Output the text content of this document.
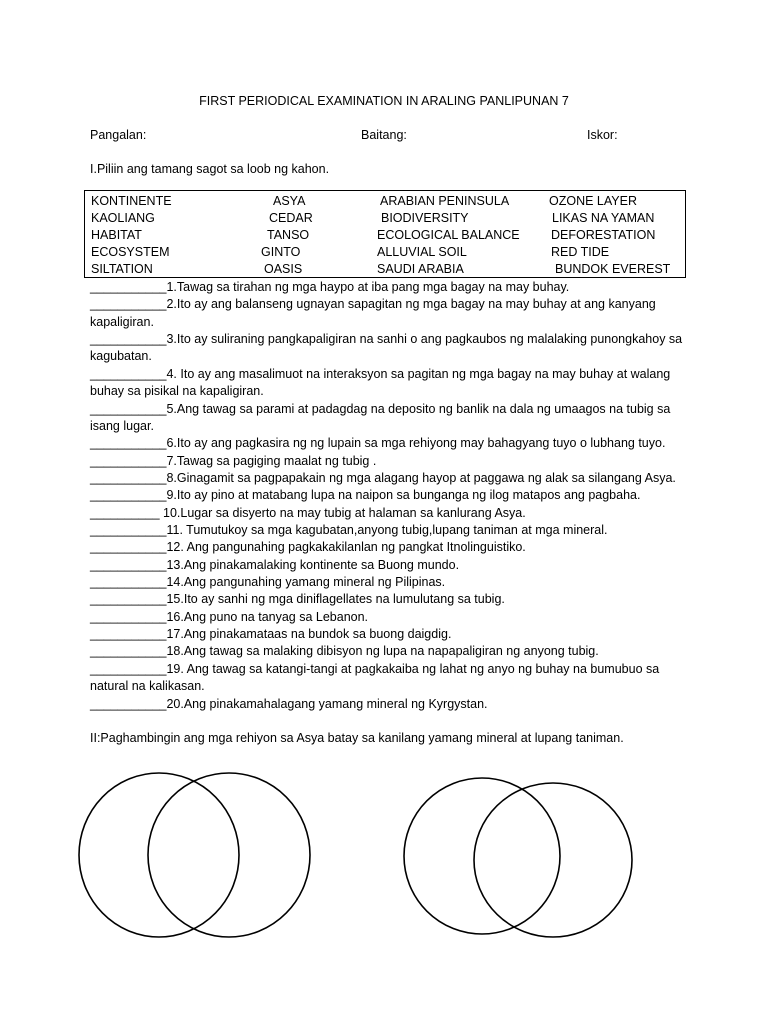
FIRST PERIODICAL EXAMINATION IN ARALING PANLIPUNAN 7
Pangalan:	Baitang:	Iskor:
I.Piliin ang tamang sagot sa loob ng kahon.
KONTINENTE	ASYA	ARABIAN PENINSULA	OZONE LAYER
KAOLIANG	CEDAR	BIODIVERSITY	LIKAS NA YAMAN
HABITAT	TANSO	ECOLOGICAL BALANCE	DEFORESTATION
ECOSYSTEM	GINTO	ALLUVIAL SOIL	RED TIDE
SILTATION	OASIS	SAUDI ARABIA	BUNDOK EVEREST
___________1.Tawag sa tirahan ng mga haypo at iba pang mga bagay na may buhay.
___________2.Ito ay ang balanseng ugnayan sapagitan ng mga bagay na may buhay at ang kanyang
kapaligiran.
___________3.Ito ay suliraning pangkapaligiran na sanhi o ang pagkaubos ng malalaking punongkahoy sa
kagubatan.
___________4. Ito ay ang masalimuot na interaksyon sa pagitan ng mga bagay na may buhay at walang
buhay sa pisikal na kapaligiran.
___________5.Ang tawag sa parami at padagdag na deposito ng banlik na dala ng umaagos na tubig sa
isang lugar.
___________6.Ito ay ang pagkasira ng ng lupain sa mga rehiyong may bahagyang tuyo o lubhang tuyo.
___________7.Tawag sa pagiging maalat ng tubig .
___________8.Ginagamit sa pagpapakain ng mga alagang hayop at paggawa ng alak sa silangang Asya.
___________9.Ito ay pino at matabang lupa na naipon sa bunganga ng ilog matapos ang pagbaha.
__________ 10.Lugar sa disyerto na may tubig at halaman sa kanlurang Asya.
___________11. Tumutukoy sa mga kagubatan,anyong tubig,lupang taniman at mga mineral.
___________12. Ang pangunahing pagkakakilanlan ng pangkat Itnolinguistiko.
___________13.Ang pinakamalaking kontinente sa Buong mundo.
___________14.Ang pangunahing yamang mineral ng Pilipinas.
___________15.Ito ay sanhi ng mga diniflagellates na lumulutang sa tubig.
___________16.Ang puno na tanyag sa Lebanon.
___________17.Ang pinakamataas na bundok sa buong daigdig.
___________18.Ang tawag sa malaking dibisyon ng lupa na napapaligiran ng anyong tubig.
___________19. Ang tawag sa katangi-tangi at pagkakaiba ng lahat ng anyo ng buhay na bumubuo sa
natural na kalikasan.
___________20.Ang pinakamahalagang yamang mineral ng Kyrgystan.
II:Paghambingin ang mga rehiyon sa Asya batay sa kanilang yamang mineral at lupang taniman.
